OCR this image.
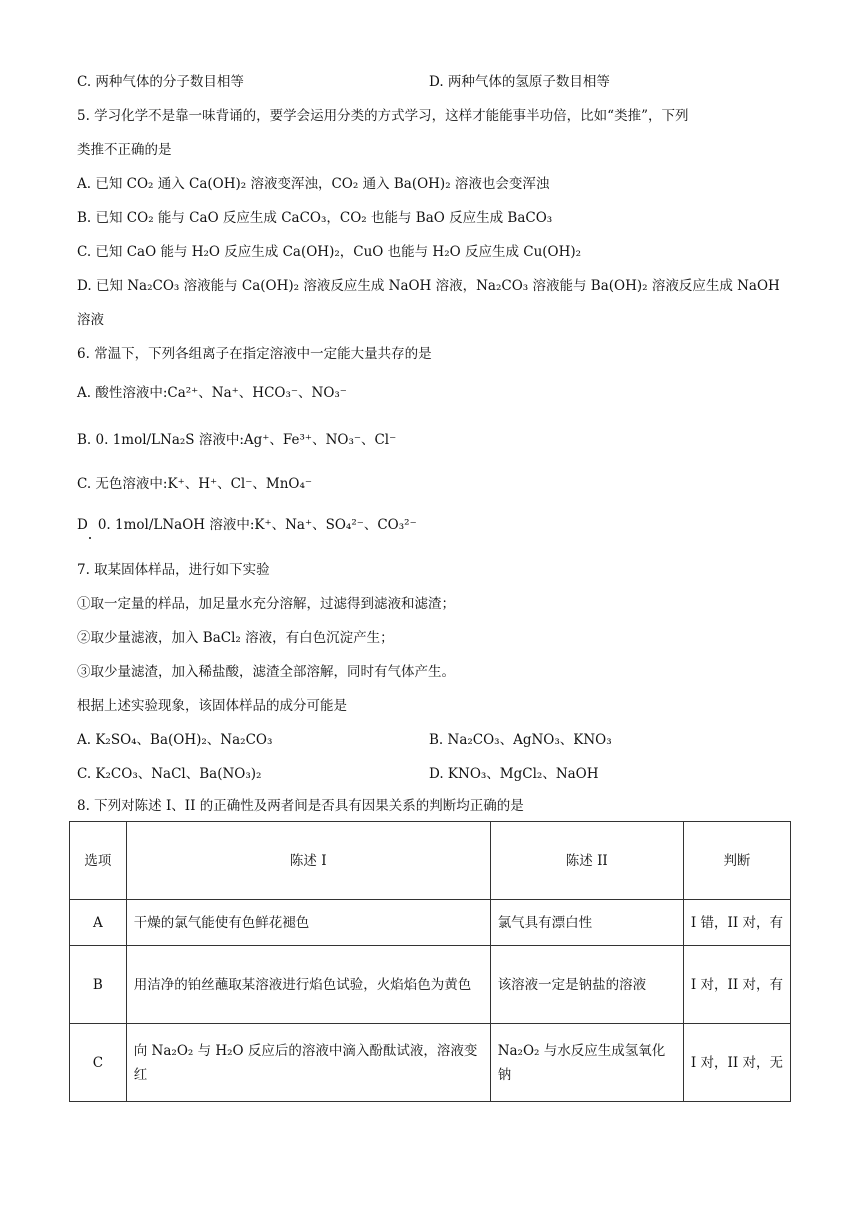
C. 两种气体的分子数目相等	D. 两种气体的氢原子数目相等
5. 学习化学不是靠一味背诵的，要学会运用分类的方式学习，这样才能能事半功倍，比如“类推”，下列
类推不正确的是
A. 已知 CO₂ 通入 Ca(OH)₂ 溶液变浑浊，CO₂ 通入 Ba(OH)₂ 溶液也会变浑浊
B. 已知 CO₂ 能与 CaO 反应生成 CaCO₃，CO₂ 也能与 BaO 反应生成 BaCO₃
C. 已知 CaO 能与 H₂O 反应生成 Ca(OH)₂，CuO 也能与 H₂O 反应生成 Cu(OH)₂
D. 已知 Na₂CO₃ 溶液能与 Ca(OH)₂ 溶液反应生成 NaOH 溶液，Na₂CO₃ 溶液能与 Ba(OH)₂ 溶液反应生成 NaOH
溶液
6. 常温下，下列各组离子在指定溶液中一定能大量共存的是
A. 酸性溶液中:Ca²⁺、Na⁺、HCO₃⁻、NO₃⁻
B. 0. 1mol/LNa₂S 溶液中:Ag⁺、Fe³⁺、NO₃⁻、Cl⁻
C. 无色溶液中:K⁺、H⁺、Cl⁻、MnO₄⁻
D 0. 1mol/LNaOH 溶液中:K⁺、Na⁺、SO₄²⁻、CO₃²⁻
7. 取某固体样品，进行如下实验
①取一定量的样品，加足量水充分溶解，过滤得到滤液和滤渣；
②取少量滤液，加入 BaCl₂ 溶液，有白色沉淀产生；
③取少量滤渣，加入稀盐酸，滤渣全部溶解，同时有气体产生。
根据上述实验现象，该固体样品的成分可能是
A. K₂SO₄、Ba(OH)₂、Na₂CO₃	B. Na₂CO₃、AgNO₃、KNO₃
C. K₂CO₃、NaCl、Ba(NO₃)₂	D. KNO₃、MgCl₂、NaOH
8. 下列对陈述 I、II 的正确性及两者间是否具有因果关系的判断均正确的是
选项	陈述 I	陈述 II	判断
A	干燥的氯气能使有色鲜花褪色	氯气具有漂白性	I 错，II 对，有
B	用洁净的铂丝蘸取某溶液进行焰色试验，火焰焰色为黄色	该溶液一定是钠盐的溶液	I 对，II 对，有
C	向 Na₂O₂ 与 H₂O 反应后的溶液中滴入酚酞试液，溶液变红	Na₂O₂ 与水反应生成氢氧化钠	I 对，II 对，无
